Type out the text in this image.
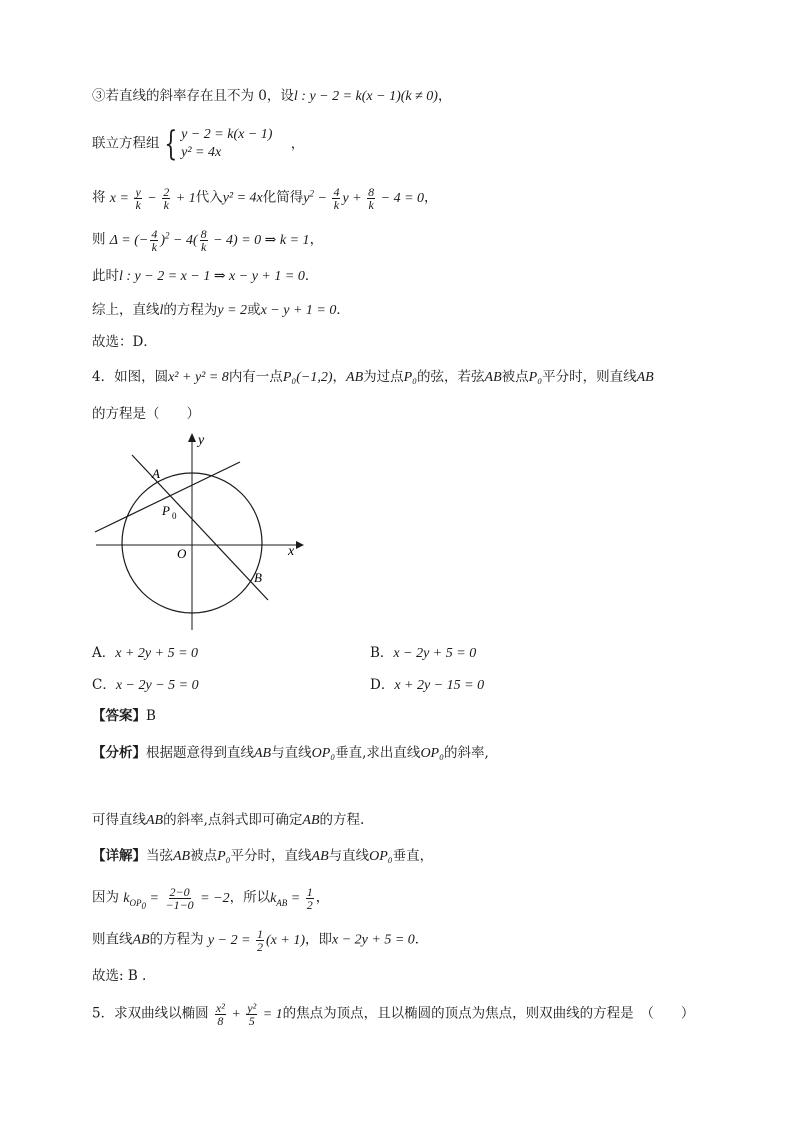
③若直线的斜率存在且不为 0，设l : y − 2 = k(x − 1)(k ≠ 0)，
联立方程组 { y − 2 = k(x − 1)
y² = 4x
，
将 $x = \frac{y}{k} - \frac{2}{k} + 1$代入y² = 4x化简得$y^2 - \frac{4}{k}$ $y + \frac{8}{k} - 4 = 0$，
则 Δ = (− $\frac{4}{k} )^2 - 4( \frac{8}{k} - 4) = 0$ ⇒ k = 1，
此时l : y − 2 = x − 1 ⇒ x − y + 1 = 0．
综上，直线l的方程为y = 2或x − y + 1 = 0．
故选：D．
4．如图，圆x² + y² = 8内有一点P₀(−1,2)，AB为过点P₀的弦，若弦AB被点P₀平分时，则直线AB
的方程是（　　）
y
x
O
A
B
P 0
A．x + 2y + 5 = 0	B．x − 2y + 5 = 0
C．x − 2y − 5 = 0	D．x + 2y − 15 = 0
【答案】B
【分析】根据题意得到直线AB与直线OP₀垂直,求出直线OP₀的斜率,
可得直线AB的斜率,点斜式即可确定AB的方程.
【详解】当弦AB被点P₀平分时，直线AB与直线OP₀垂直，
因为 $k_{OP_0} = \frac{2-0}{-1-0} = -2$，所以$k_{AB} = \frac{1}{2}$ ，
则直线AB的方程为 $y - 2 = \frac{1}{2} (x + 1)$，即x − 2y + 5 = 0．
故选: B .
5．求双曲线以椭圆 $\frac{\text{x²}}{8} + \frac{\text{y²}}{5} = 1$的焦点为顶点，且以椭圆的顶点为焦点，则双曲线的方程是　（　　）
